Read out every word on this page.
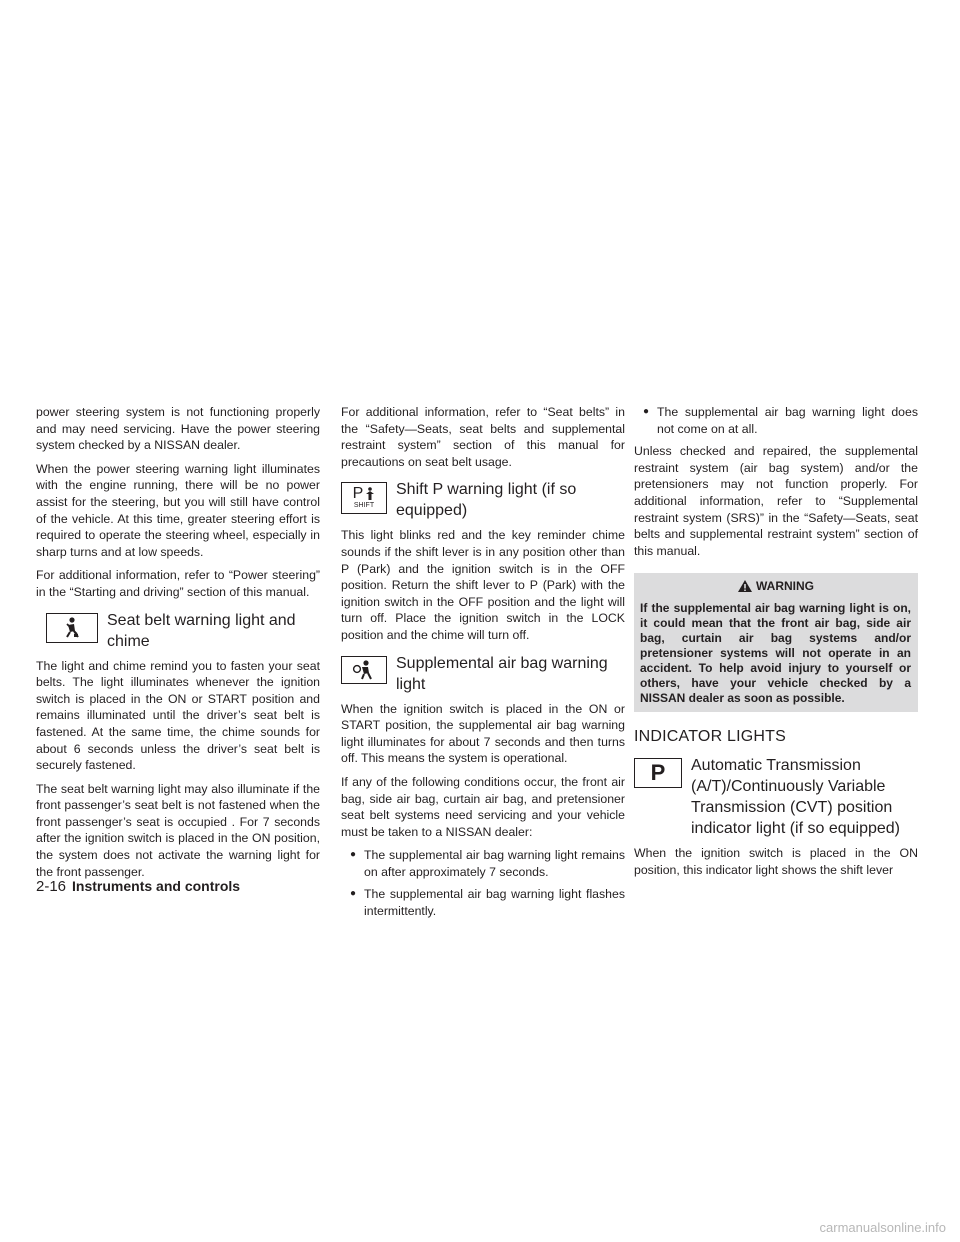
power steering system is not functioning properly and may need servicing. Have the power steering system checked by a NISSAN dealer.

When the power steering warning light illuminates with the engine running, there will be no power assist for the steering, but you will still have control of the vehicle. At this time, greater steering effort is required to operate the steering wheel, especially in sharp turns and at low speeds.

For additional information, refer to “Power steering” in the “Starting and driving” section of this manual.

Seat belt warning light and chime

The light and chime remind you to fasten your seat belts. The light illuminates whenever the ignition switch is placed in the ON or START position and remains illuminated until the driver’s seat belt is fastened. At the same time, the chime sounds for about 6 seconds unless the driver’s seat belt is securely fastened.

The seat belt warning light may also illuminate if the front passenger’s seat belt is not fastened when the front passenger’s seat is occupied . For 7 seconds after the ignition switch is placed in the ON position, the system does not activate the warning light for the front passenger.

For additional information, refer to “Seat belts” in the “Safety—Seats, seat belts and supplemental restraint system” section of this manual for precautions on seat belt usage.

P
SHIFT
Shift P warning light (if so equipped)

This light blinks red and the key reminder chime sounds if the shift lever is in any position other than P (Park) and the ignition switch is in the OFF position. Return the shift lever to P (Park) with the ignition switch in the OFF position and the light will turn off. Place the ignition switch in the LOCK position and the chime will turn off.

Supplemental air bag warning light

When the ignition switch is placed in the ON or START position, the supplemental air bag warning light illuminates for about 7 seconds and then turns off. This means the system is operational.

If any of the following conditions occur, the front air bag, side air bag, curtain air bag, and pretensioner seat belt systems need servicing and your vehicle must be taken to a NISSAN dealer:

● The supplemental air bag warning light remains on after approximately 7 seconds.
● The supplemental air bag warning light flashes intermittently.
● The supplemental air bag warning light does not come on at all.

Unless checked and repaired, the supplemental restraint system (air bag system) and/or the pretensioners may not function properly. For additional information, refer to “Supplemental restraint system (SRS)” in the “Safety—Seats, seat belts and supplemental restraint system” section of this manual.

WARNING
If the supplemental air bag warning light is on, it could mean that the front air bag, side air bag, curtain air bag systems and/or pretensioner systems will not operate in an accident. To help avoid injury to yourself or others, have your vehicle checked by a NISSAN dealer as soon as possible.
INDICATOR LIGHTS
P Automatic Transmission (A/T)/Continuously Variable Transmission (CVT) position indicator light (if so equipped)

When the ignition switch is placed in the ON position, this indicator light shows the shift lever

2-16 Instruments and controls
carmanualsonline.info
